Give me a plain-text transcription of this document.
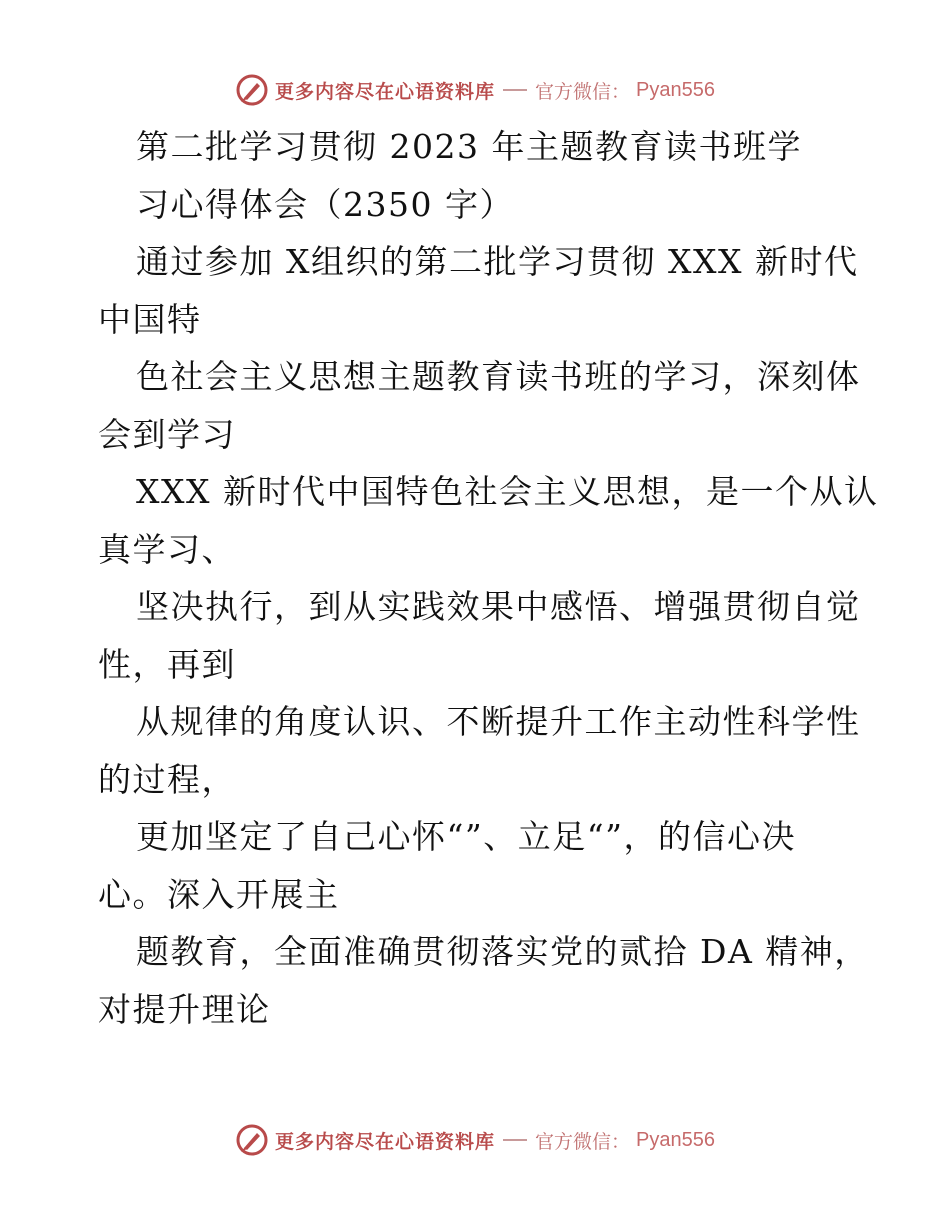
更多内容尽在心语资料库 官方微信： Pyan556
第二批学习贯彻 2023 年主题教育读书班学
习心得体会（2350 字）
通过参加 X组织的第二批学习贯彻 XXX 新时代
中国特
色社会主义思想主题教育读书班的学习，深刻体
会到学习
XXX 新时代中国特色社会主义思想，是一个从认
真学习、
坚决执行，到从实践效果中感悟、增强贯彻自觉
性，再到
从规律的角度认识、不断提升工作主动性科学性
的过程，
更加坚定了自己心怀“”、立足“”，的信心决
心。深入开展主
题教育，全面准确贯彻落实党的贰拾 DA 精神，
对提升理论
更多内容尽在心语资料库 官方微信： Pyan556
